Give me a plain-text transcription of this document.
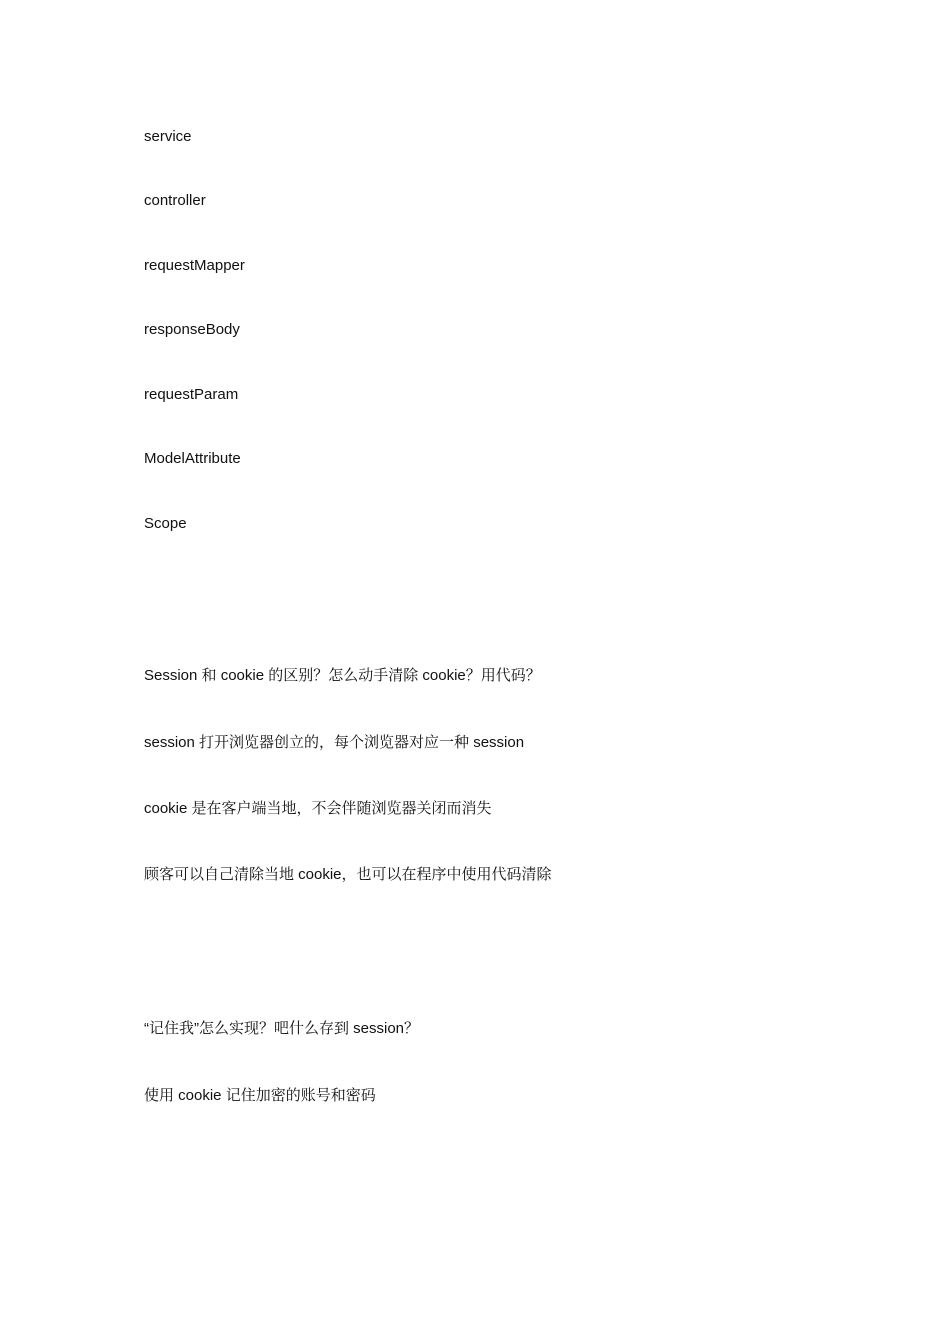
service
controller
requestMapper
responseBody
requestParam
ModelAttribute
Scope
Session 和 cookie 的区别？怎么动手清除 cookie？用代码？
session 打开浏览器创立的，每个浏览器对应一种 session
cookie 是在客户端当地，不会伴随浏览器关闭而消失
顾客可以自己清除当地 cookie，也可以在程序中使用代码清除
“记住我”怎么实现？吧什么存到 session？
使用 cookie 记住加密的账号和密码
